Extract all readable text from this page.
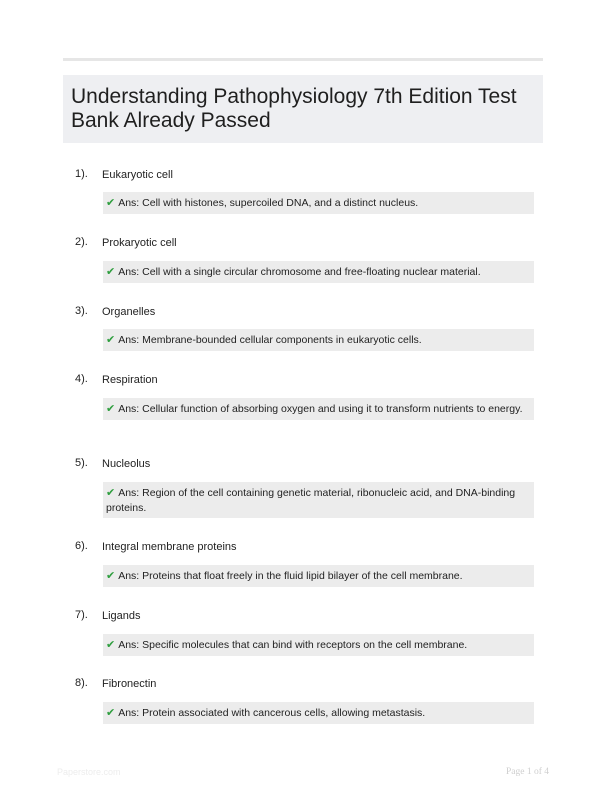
Understanding Pathophysiology 7th Edition Test Bank Already Passed
1). Eukaryotic cell
✔ Ans: Cell with histones, supercoiled DNA, and a distinct nucleus.
2). Prokaryotic cell
✔ Ans: Cell with a single circular chromosome and free-floating nuclear material.
3). Organelles
✔ Ans: Membrane-bounded cellular components in eukaryotic cells.
4). Respiration
✔ Ans: Cellular function of absorbing oxygen and using it to transform nutrients to energy.
5). Nucleolus
✔ Ans: Region of the cell containing genetic material, ribonucleic acid, and DNA-binding proteins.
6). Integral membrane proteins
✔ Ans: Proteins that float freely in the fluid lipid bilayer of the cell membrane.
7). Ligands
✔ Ans: Specific molecules that can bind with receptors on the cell membrane.
8). Fibronectin
✔ Ans: Protein associated with cancerous cells, allowing metastasis.
Paperstore.com	Page 1 of 4
